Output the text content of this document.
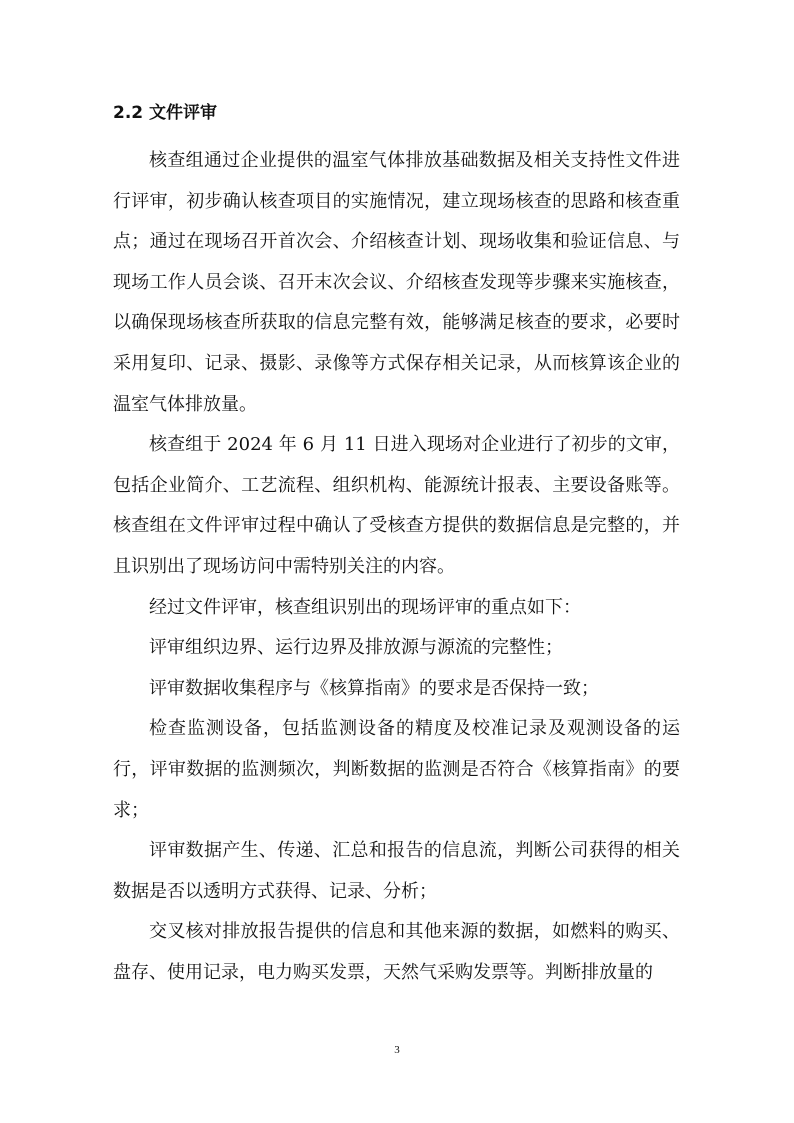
2.2 文件评审

核查组通过企业提供的温室气体排放基础数据及相关支持性文件进行评审，初步确认核查项目的实施情况，建立现场核查的思路和核查重点；通过在现场召开首次会、介绍核查计划、现场收集和验证信息、与现场工作人员会谈、召开末次会议、介绍核查发现等步骤来实施核查，以确保现场核查所获取的信息完整有效，能够满足核查的要求，必要时采用复印、记录、摄影、录像等方式保存相关记录，从而核算该企业的温室气体排放量。

核查组于 2024 年 6 月 11 日进入现场对企业进行了初步的文审，包括企业简介、工艺流程、组织机构、能源统计报表、主要设备账等。核查组在文件评审过程中确认了受核查方提供的数据信息是完整的，并且识别出了现场访问中需特别关注的内容。

经过文件评审，核查组识别出的现场评审的重点如下：

评审组织边界、运行边界及排放源与源流的完整性；

评审数据收集程序与《核算指南》的要求是否保持一致；

检查监测设备，包括监测设备的精度及校准记录及观测设备的运行，评审数据的监测频次，判断数据的监测是否符合《核算指南》的要求；

评审数据产生、传递、汇总和报告的信息流，判断公司获得的相关数据是否以透明方式获得、记录、分析；

交叉核对排放报告提供的信息和其他来源的数据，如燃料的购买、盘存、使用记录，电力购买发票，天然气采购发票等。判断排放量的

3
